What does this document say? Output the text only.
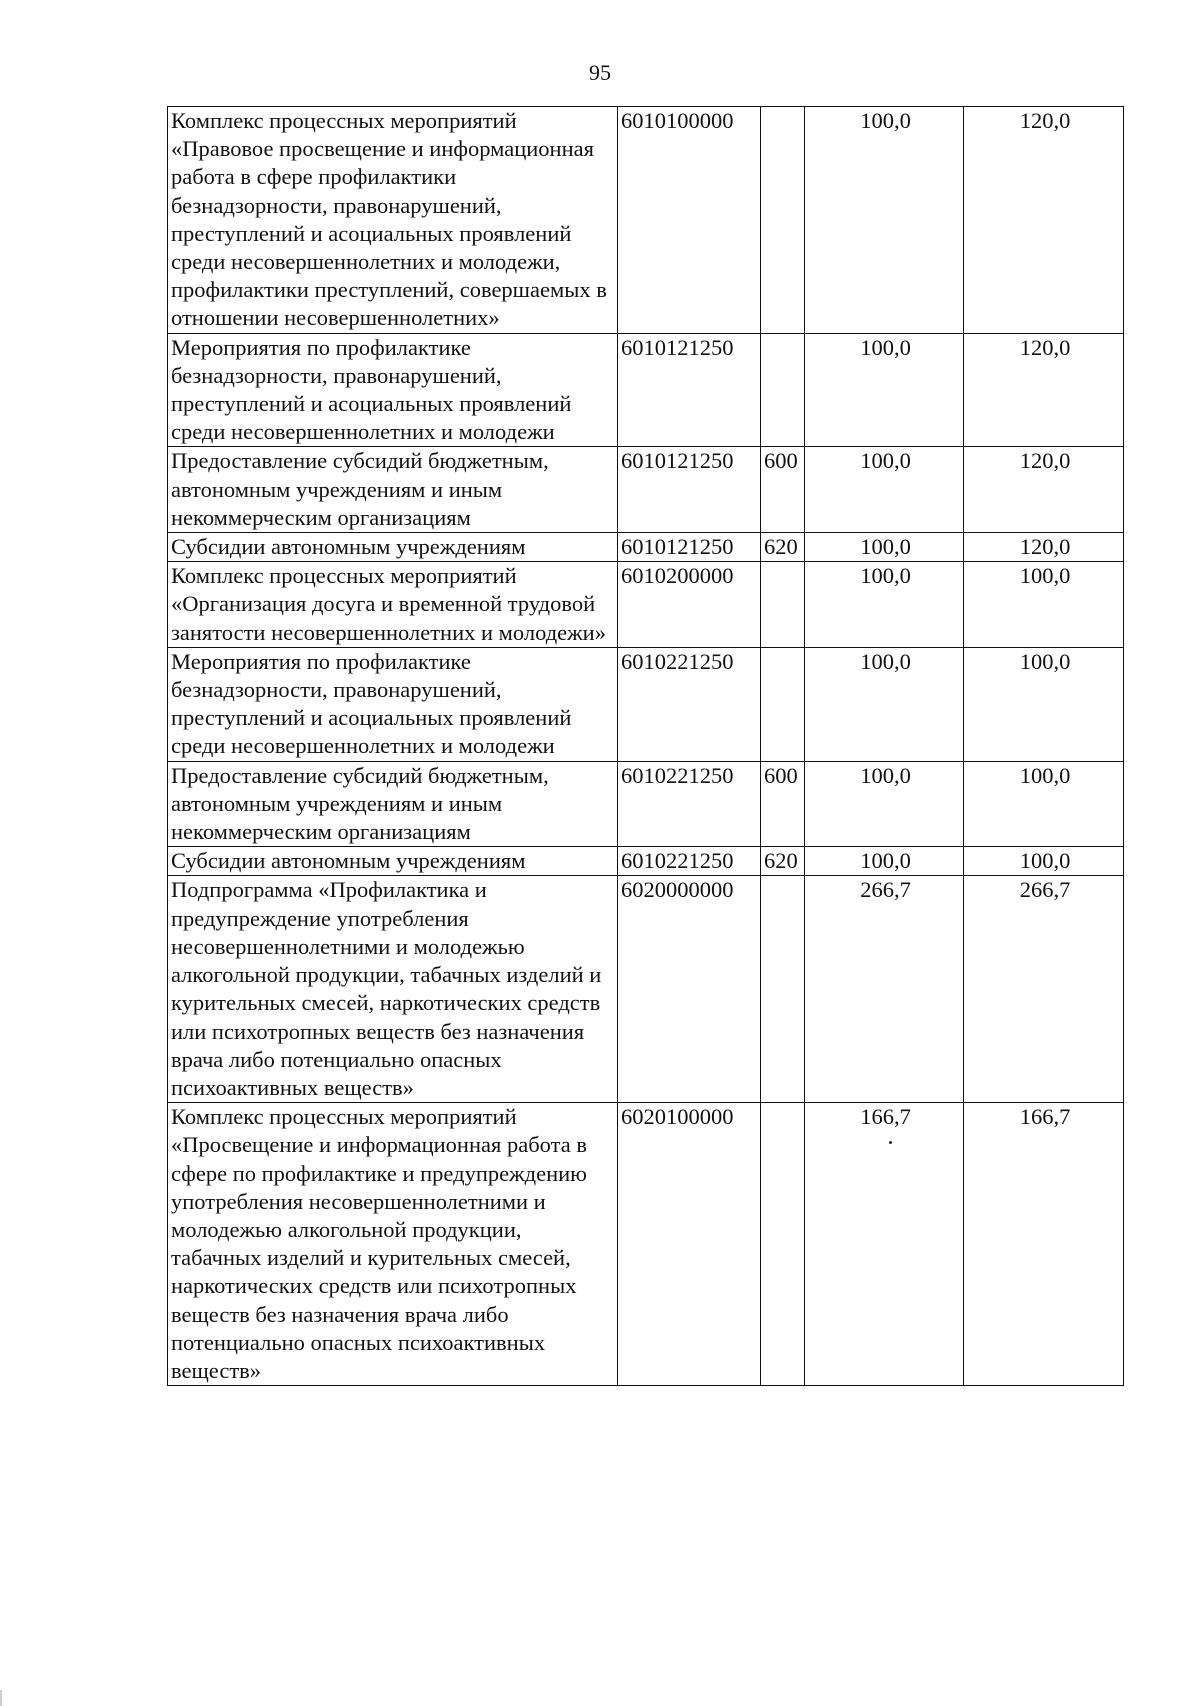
95
Комплекс процессных мероприятий «Правовое просвещение и информационная работа в сфере профилактики безнадзорности, правонарушений, преступлений и асоциальных проявлений среди несовершеннолетних и молодежи, профилактики преступлений, совершаемых в отношении несовершеннолетних»	6010100000		100,0	120,0
Мероприятия по профилактике безнадзорности, правонарушений, преступлений и асоциальных проявлений среди несовершеннолетних и молодежи	6010121250		100,0	120,0
Предоставление субсидий бюджетным, автономным учреждениям и иным некоммерческим организациям	6010121250	600	100,0	120,0
Субсидии автономным учреждениям	6010121250	620	100,0	120,0
Комплекс процессных мероприятий «Организация досуга и временной трудовой занятости несовершеннолетних и молодежи»	6010200000		100,0	100,0
Мероприятия по профилактике безнадзорности, правонарушений, преступлений и асоциальных проявлений среди несовершеннолетних и молодежи	6010221250		100,0	100,0
Предоставление субсидий бюджетным, автономным учреждениям и иным некоммерческим организациям	6010221250	600	100,0	100,0
Субсидии автономным учреждениям	6010221250	620	100,0	100,0
Подпрограмма «Профилактика и предупреждение употребления несовершеннолетними и молодежью алкогольной продукции, табачных изделий и курительных смесей, наркотических средств или психотропных веществ без назначения врача либо потенциально опасных психоактивных веществ»	6020000000		266,7	266,7
Комплекс процессных мероприятий «Просвещение и информационная работа в сфере по профилактике и предупреждению употребления несовершеннолетними и молодежью алкогольной продукции, табачных изделий и курительных смесей, наркотических средств или психотропных веществ без назначения врача либо потенциально опасных психоактивных веществ»	6020100000		166,7	166,7
